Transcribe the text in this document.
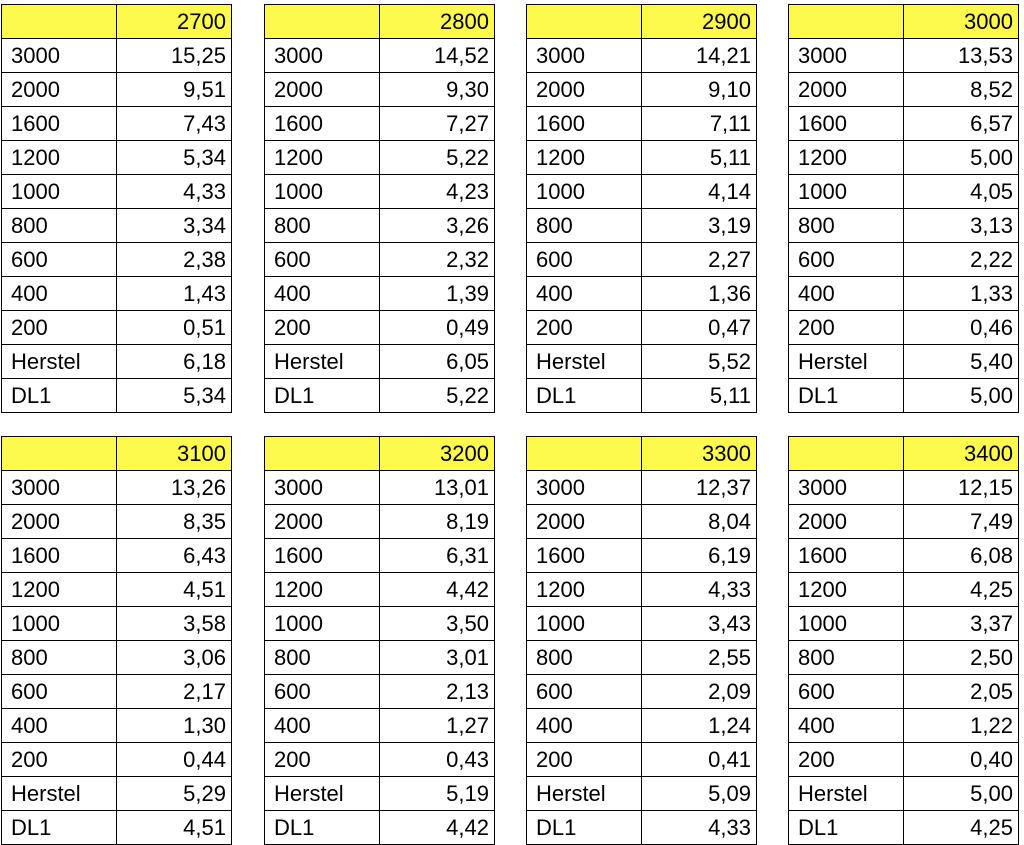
	2700
3000	15,25
2000	9,51
1600	7,43
1200	5,34
1000	4,33
800	3,34
600	2,38
400	1,43
200	0,51
Herstel	6,18
DL1	5,34
	2800
3000	14,52
2000	9,30
1600	7,27
1200	5,22
1000	4,23
800	3,26
600	2,32
400	1,39
200	0,49
Herstel	6,05
DL1	5,22
	2900
3000	14,21
2000	9,10
1600	7,11
1200	5,11
1000	4,14
800	3,19
600	2,27
400	1,36
200	0,47
Herstel	5,52
DL1	5,11
	3000
3000	13,53
2000	8,52
1600	6,57
1200	5,00
1000	4,05
800	3,13
600	2,22
400	1,33
200	0,46
Herstel	5,40
DL1	5,00
	3100
3000	13,26
2000	8,35
1600	6,43
1200	4,51
1000	3,58
800	3,06
600	2,17
400	1,30
200	0,44
Herstel	5,29
DL1	4,51
	3200
3000	13,01
2000	8,19
1600	6,31
1200	4,42
1000	3,50
800	3,01
600	2,13
400	1,27
200	0,43
Herstel	5,19
DL1	4,42
	3300
3000	12,37
2000	8,04
1600	6,19
1200	4,33
1000	3,43
800	2,55
600	2,09
400	1,24
200	0,41
Herstel	5,09
DL1	4,33
	3400
3000	12,15
2000	7,49
1600	6,08
1200	4,25
1000	3,37
800	2,50
600	2,05
400	1,22
200	0,40
Herstel	5,00
DL1	4,25
